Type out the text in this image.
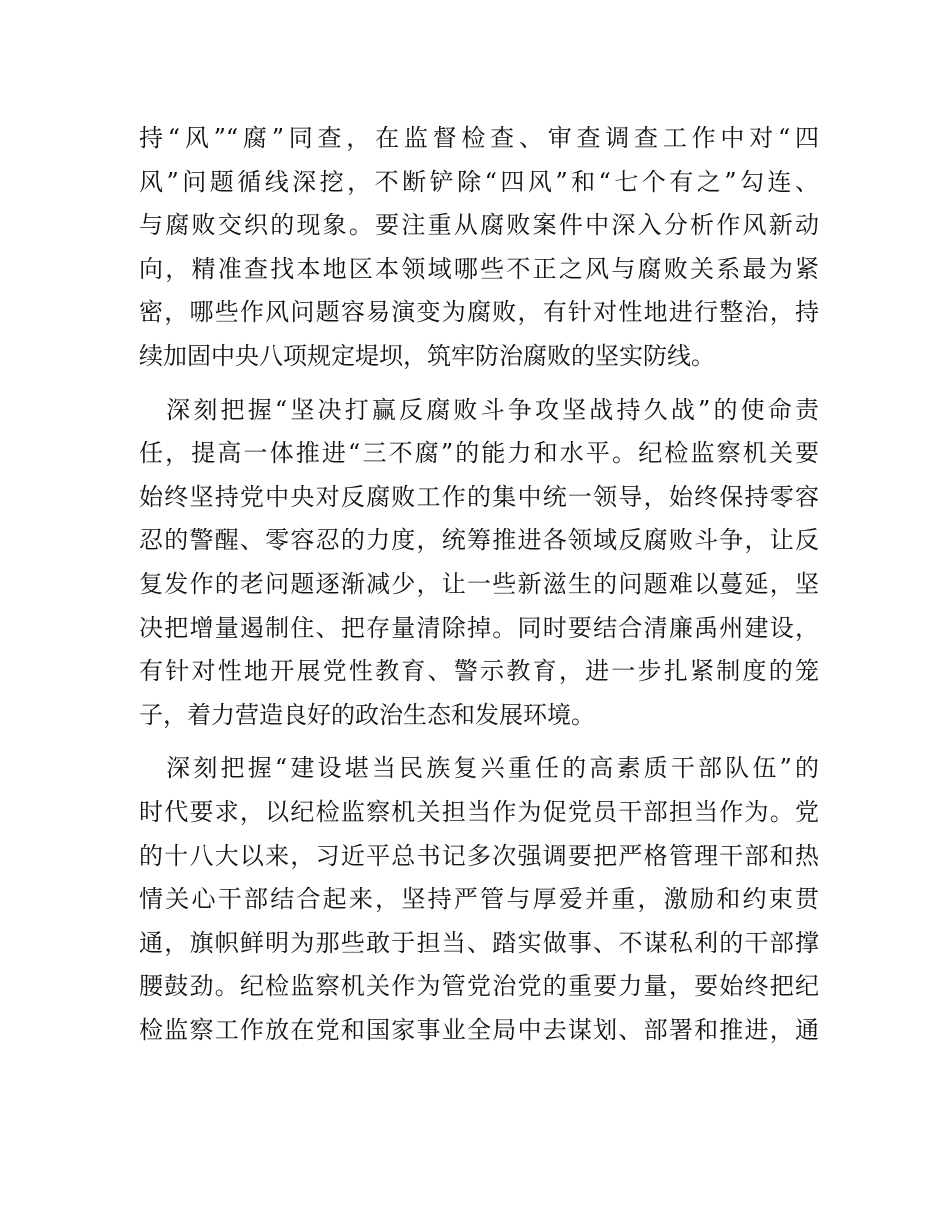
持“风”“腐”同查，在监督检查、审查调查工作中对“四
风”问题循线深挖，不断铲除“四风”和“七个有之”勾连、
与腐败交织的现象。要注重从腐败案件中深入分析作风新动
向，精准查找本地区本领域哪些不正之风与腐败关系最为紧
密，哪些作风问题容易演变为腐败，有针对性地进行整治，持
续加固中央八项规定堤坝，筑牢防治腐败的坚实防线。
　深刻把握“坚决打赢反腐败斗争攻坚战持久战”的使命责
任，提高一体推进“三不腐”的能力和水平。纪检监察机关要
始终坚持党中央对反腐败工作的集中统一领导，始终保持零容
忍的警醒、零容忍的力度，统筹推进各领域反腐败斗争，让反
复发作的老问题逐渐减少，让一些新滋生的问题难以蔓延，坚
决把增量遏制住、把存量清除掉。同时要结合清廉禹州建设，
有针对性地开展党性教育、警示教育，进一步扎紧制度的笼
子，着力营造良好的政治生态和发展环境。
　深刻把握“建设堪当民族复兴重任的高素质干部队伍”的
时代要求，以纪检监察机关担当作为促党员干部担当作为。党
的十八大以来，习近平总书记多次强调要把严格管理干部和热
情关心干部结合起来，坚持严管与厚爱并重，激励和约束贯
通，旗帜鲜明为那些敢于担当、踏实做事、不谋私利的干部撑
腰鼓劲。纪检监察机关作为管党治党的重要力量，要始终把纪
检监察工作放在党和国家事业全局中去谋划、部署和推进，通
